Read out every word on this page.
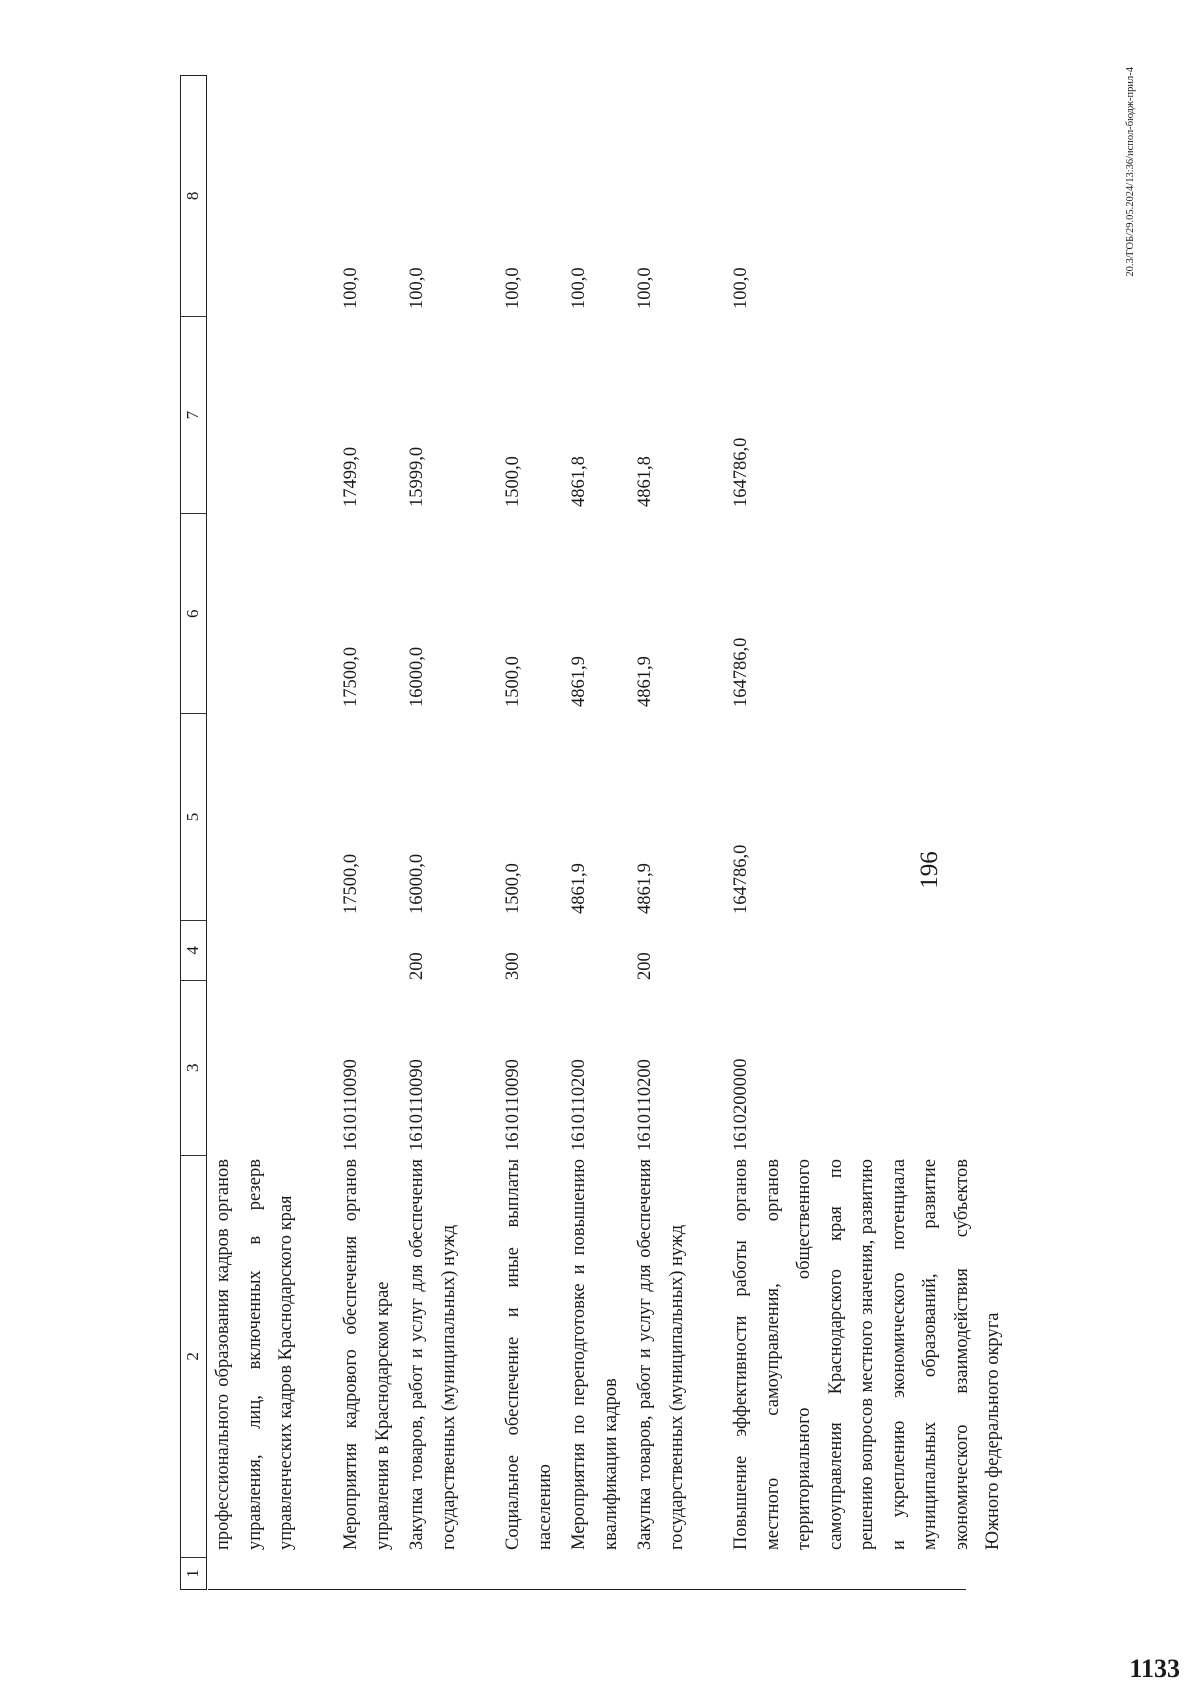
196
20.3/ГОБ/29.05.2024/13:36/испол-бюдж-прил-4
1
2
3
4
5
6
7
8
профессионального образования кадров органов управления, лиц, включенных в резерв управленческих кадров Краснодарского края	Мероприятия кадрового обеспечения органов управления в Краснодарском крае
1610110090
17500,0
17500,0
17499,0
100,0
Закупка товаров, работ и услуг для обеспечения государственных (муниципальных) нужд
1610110090
200
16000,0
16000,0
15999,0
100,0
Социальное обеспечение и иные выплаты населению
1610110090
300
1500,0
1500,0
1500,0
100,0
Мероприятия по переподготовке и повышению квалификации кадров
1610110200
4861,9
4861,9
4861,8
100,0
Закупка товаров, работ и услуг для обеспечения государственных (муниципальных) нужд
1610110200
200
4861,9
4861,9
4861,8
100,0
Повышение эффективности работы органов местного самоуправления, органов территориального общественного самоуправления Краснодарского края по решению вопросов местного значения, развитию и укреплению экономического потенциала муниципальных образований, развитие экономического взаимодействия субъектов Южного федерального округа
1610200000
164786,0
164786,0
164786,0
100,0
1133
